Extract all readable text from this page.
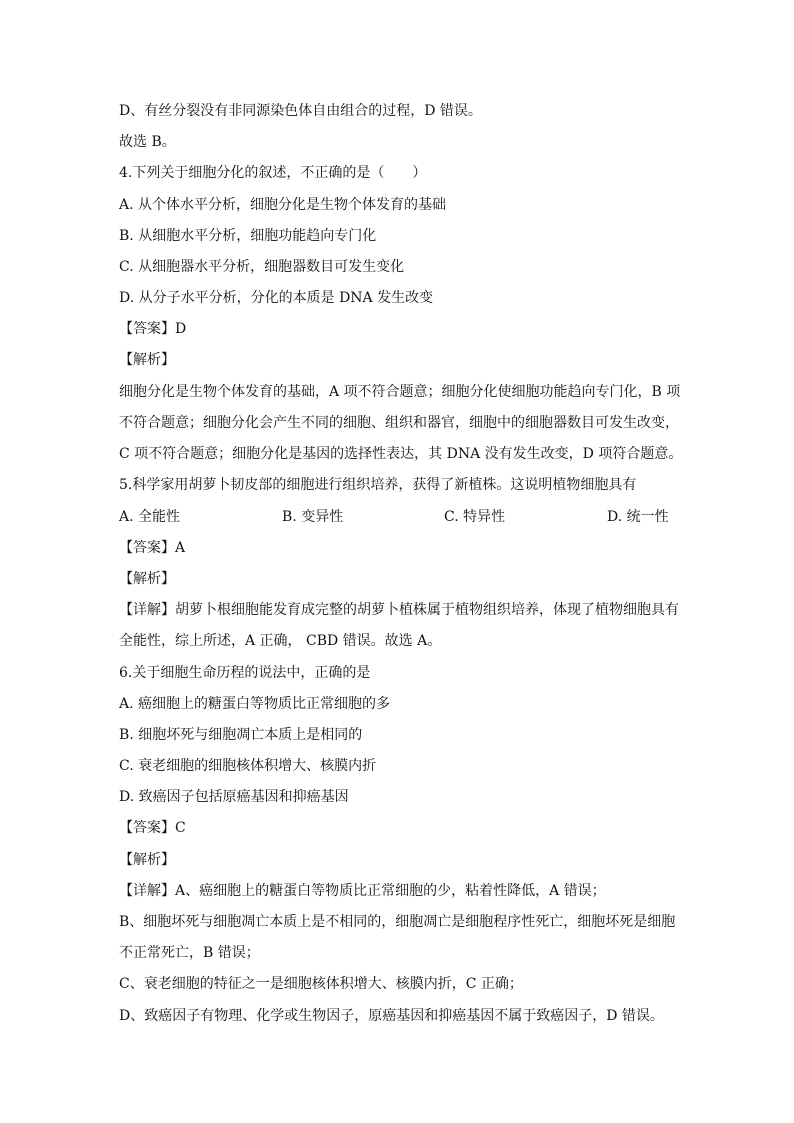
D、有丝分裂没有非同源染色体自由组合的过程，D 错误。
故选 B。
4.下列关于细胞分化的叙述，不正确的是（　　）
A. 从个体水平分析，细胞分化是生物个体发育的基础
B. 从细胞水平分析，细胞功能趋向专门化
C. 从细胞器水平分析，细胞器数目可发生变化
D. 从分子水平分析，分化的本质是 DNA 发生改变
【答案】D
【解析】
细胞分化是生物个体发育的基础，A 项不符合题意；细胞分化使细胞功能趋向专门化，B 项
不符合题意；细胞分化会产生不同的细胞、组织和器官，细胞中的细胞器数目可发生改变，
C 项不符合题意；细胞分化是基因的选择性表达，其 DNA 没有发生改变，D 项符合题意。
5.科学家用胡萝卜韧皮部的细胞进行组织培养，获得了新植株。这说明植物细胞具有
A. 全能性	B. 变异性	C. 特异性	D. 统一性
【答案】A
【解析】
【详解】胡萝卜根细胞能发育成完整的胡萝卜植株属于植物组织培养，体现了植物细胞具有
全能性，综上所述，A 正确， CBD 错误。故选 A。
6.关于细胞生命历程的说法中，正确的是
A. 癌细胞上的糖蛋白等物质比正常细胞的多
B. 细胞坏死与细胞凋亡本质上是相同的
C. 衰老细胞的细胞核体积增大、核膜内折
D. 致癌因子包括原癌基因和抑癌基因
【答案】C
【解析】
【详解】A、癌细胞上的糖蛋白等物质比正常细胞的少，粘着性降低，A 错误；
B、细胞坏死与细胞凋亡本质上是不相同的，细胞凋亡是细胞程序性死亡，细胞坏死是细胞
不正常死亡，B 错误；
C、衰老细胞的特征之一是细胞核体积增大、核膜内折，C 正确；
D、致癌因子有物理、化学或生物因子，原癌基因和抑癌基因不属于致癌因子，D 错误。
